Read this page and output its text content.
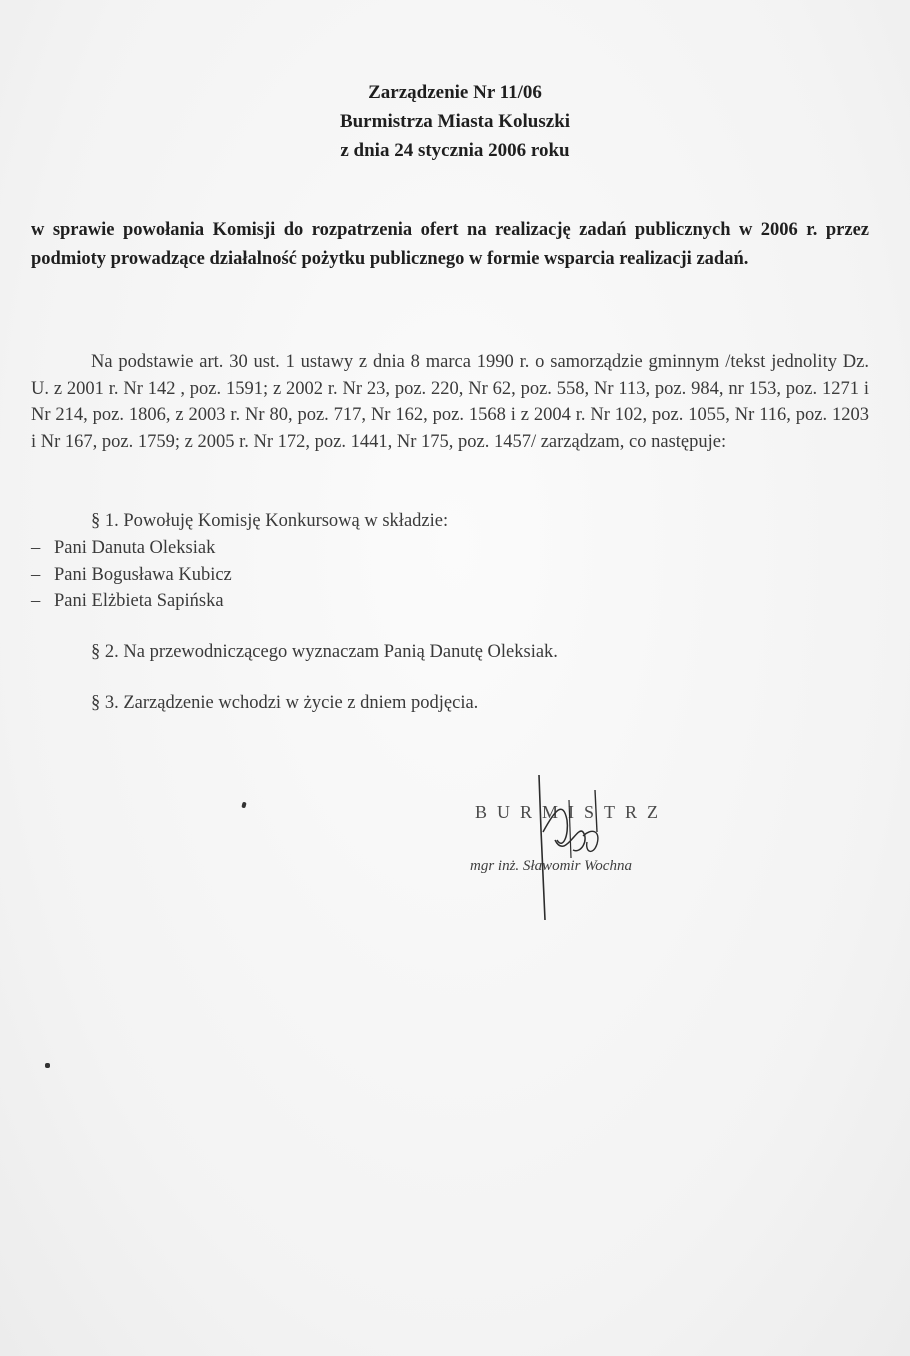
Zarządzenie Nr 11/06
Burmistrza Miasta Koluszki
z dnia 24 stycznia 2006 roku
w sprawie powołania Komisji do rozpatrzenia ofert na realizację zadań publicznych w 2006 r. przez podmioty prowadzące działalność pożytku publicznego w formie wsparcia realizacji zadań.
Na podstawie art. 30 ust. 1 ustawy z dnia 8 marca 1990 r. o samorządzie gminnym /tekst jednolity Dz. U. z 2001 r. Nr 142 , poz. 1591; z 2002 r. Nr 23, poz. 220, Nr 62, poz. 558, Nr 113, poz. 984, nr 153, poz. 1271 i Nr 214, poz. 1806, z 2003 r. Nr 80, poz. 717, Nr 162, poz. 1568 i z 2004 r. Nr 102, poz. 1055, Nr 116, poz. 1203 i Nr 167, poz. 1759; z 2005 r. Nr 172, poz. 1441, Nr 175, poz. 1457/ zarządzam, co następuje:
§ 1. Powołuję Komisję Konkursową w składzie:
– Pani Danuta Oleksiak
– Pani Bogusława Kubicz
– Pani Elżbieta Sapińska
§ 2. Na przewodniczącego wyznaczam Panią Danutę Oleksiak.
§ 3. Zarządzenie wchodzi w życie z dniem podjęcia.
BURMISTRZ
mgr inż. Sławomir Wochna
